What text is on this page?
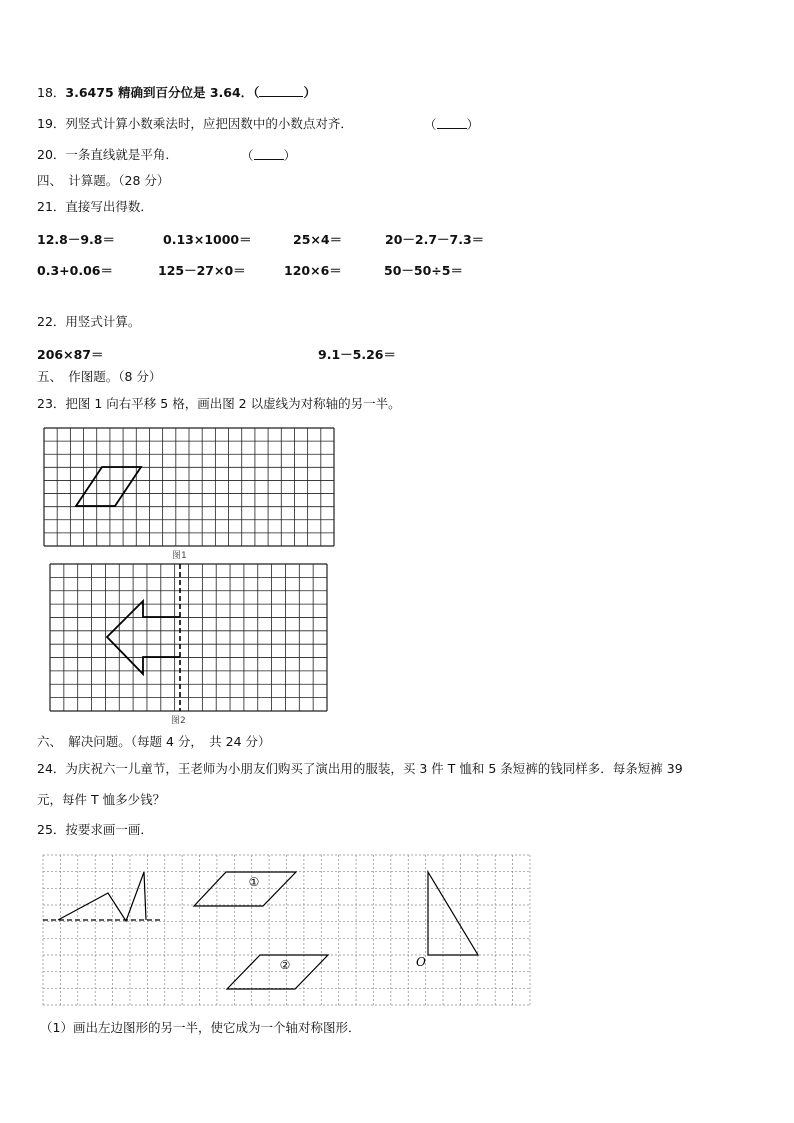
18．3.6475 精确到百分位是 3.64．（	）
19．列竖式计算小数乘法时，应把因数中的小数点对齐．	（ ）
20．一条直线就是平角．	（ ）
四、　计算题。（28 分）
21．直接写出得数．
12.8－9.8＝	0.13×1000＝	25×4＝	20－2.7－7.3＝
0.3+0.06＝	125－27×0＝	120×6＝	50－50÷5＝
22．用竖式计算。
206×87＝	9.1－5.26＝
五、　作图题。（8 分）
23．把图 1 向右平移 5 格，画出图 2 以虚线为对称轴的另一半。
图1
图2
六、　解决问题。（每题 4 分，　共 24 分）
24．为庆祝六一儿童节，王老师为小朋友们购买了演出用的服装，买 3 件 T 恤和 5 条短裤的钱同样多．每条短裤 39
元，每件 T 恤多少钱？
25．按要求画一画．
①
②	O
（1）画出左边图形的另一半，使它成为一个轴对称图形．
